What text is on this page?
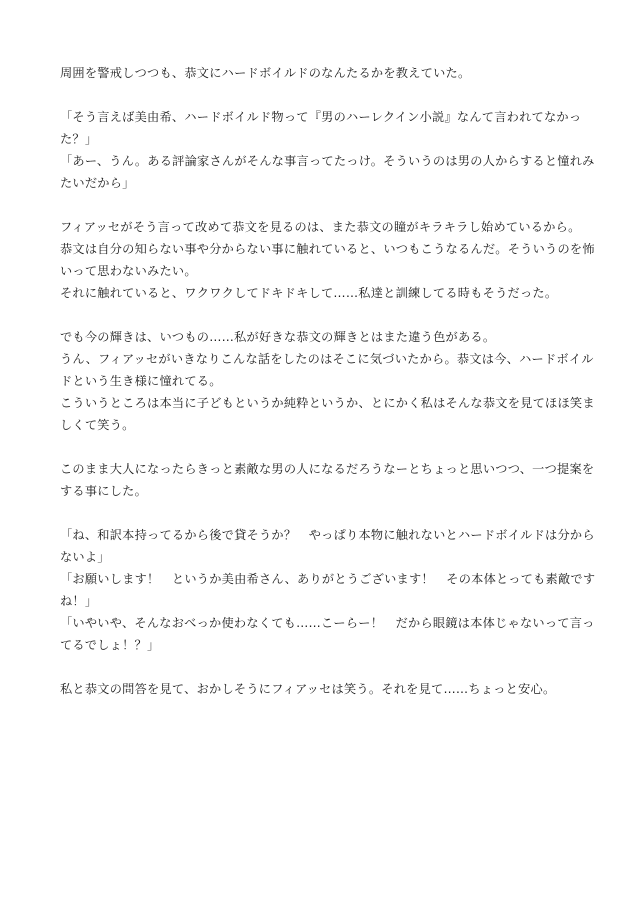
周囲を警戒しつつも、恭文にハードボイルドのなんたるかを教えていた。

「そう言えば美由希、ハードボイルド物って『男のハーレクイン小説』なんて言われてなかっ
た？」

「あー、うん。ある評論家さんがそんな事言ってたっけ。そういうのは男の人からすると憧れみ
たいだから」

フィアッセがそう言って改めて恭文を見るのは、また恭文の瞳がキラキラし始めているから。

恭文は自分の知らない事や分からない事に触れていると、いつもこうなるんだ。そういうのを怖
いって思わないみたい。

それに触れていると、ワクワクしてドキドキして……私達と訓練してる時もそうだった。

でも今の輝きは、いつもの……私が好きな恭文の輝きとはまた違う色がある。

うん、フィアッセがいきなりこんな話をしたのはそこに気づいたから。恭文は今、ハードボイル
ドという生き様に憧れてる。

こういうところは本当に子どもというか純粋というか、とにかく私はそんな恭文を見てほほ笑ま
しくて笑う。

このまま大人になったらきっと素敵な男の人になるだろうなーとちょっと思いつつ、一つ提案を
する事にした。

「ね、和訳本持ってるから後で貸そうか？　やっぱり本物に触れないとハードボイルドは分から
ないよ」

「お願いします！　というか美由希さん、ありがとうございます！　その本体とっても素敵です
ね！」

「いやいや、そんなおべっか使わなくても……こーらー！　だから眼鏡は本体じゃないって言っ
てるでしょ！？」

私と恭文の問答を見て、おかしそうにフィアッセは笑う。それを見て……ちょっと安心。
